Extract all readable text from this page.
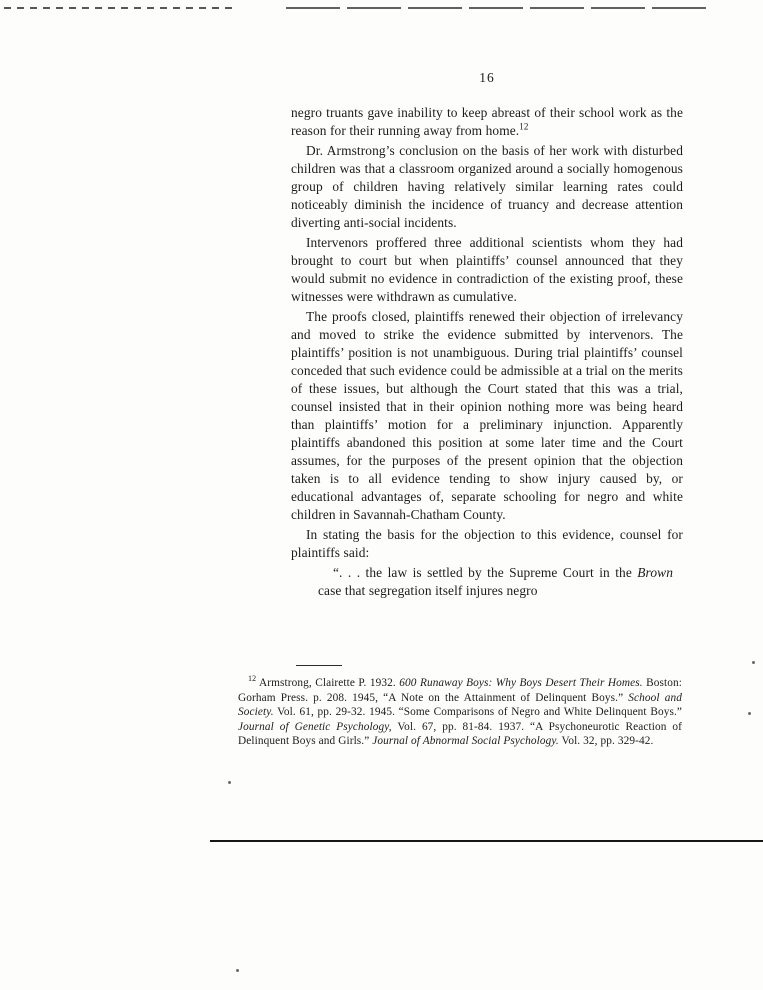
16

negro truants gave inability to keep abreast of their school work as the reason for their running away from home.$^{12}$

Dr. Armstrong’s conclusion on the basis of her work with disturbed children was that a classroom organized around a socially homogenous group of children having relatively similar learning rates could noticeably diminish the incidence of truancy and decrease attention diverting anti-social incidents.

Intervenors proffered three additional scientists whom they had brought to court but when plaintiffs’ counsel announced that they would submit no evidence in contradiction of the existing proof, these witnesses were withdrawn as cumulative.

The proofs closed, plaintiffs renewed their objection of irrelevancy and moved to strike the evidence submitted by intervenors. The plaintiffs’ position is not unambiguous. During trial plaintiffs’ counsel conceded that such evidence could be admissible at a trial on the merits of these issues, but although the Court stated that this was a trial, counsel insisted that in their opinion nothing more was being heard than plaintiffs’ motion for a preliminary injunction. Apparently plaintiffs abandoned this position at some later time and the Court assumes, for the purposes of the present opinion that the objection taken is to all evidence tending to show injury caused by, or educational advantages of, separate schooling for negro and white children in Savannah-Chatham County.

In stating the basis for the objection to this evidence, counsel for plaintiffs said:

“. . . the law is settled by the Supreme Court in the Brown case that segregation itself injures negro
$^{12}$ Armstrong, Clairette P. 1932. 600 Runaway Boys: Why Boys Desert Their Homes. Boston: Gorham Press. p. 208. 1945, “A Note on the Attainment of Delinquent Boys.” School and Society. Vol. 61, pp. 29-32. 1945. “Some Comparisons of Negro and White Delinquent Boys.” Journal of Genetic Psychology, Vol. 67, pp. 81-84. 1937. “A Psychoneurotic Reaction of Delinquent Boys and Girls.” Journal of Abnormal Social Psychology. Vol. 32, pp. 329-42.
